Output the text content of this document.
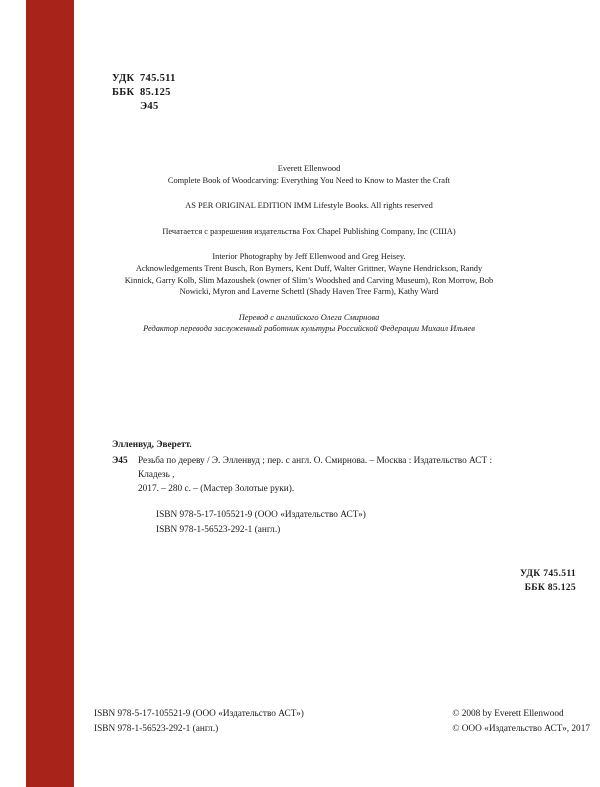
УДК 745.511
ББК 85.125
Э45
Everett Ellenwood
Complete Book of Woodcarving: Everything You Need to Know to Master the Craft
AS PER ORIGINAL EDITION IMM Lifestyle Books. All rights reserved
Печатается с разрешения издательства Fox Chapel Publishing Company, Inc (США)
Interior Photography by Jeff Ellenwood and Greg Heisey.
Acknowledgements Trent Busch, Ron Bymers, Kent Duff, Walter Grittner, Wayne Hendrickson, Randy
Kinnick, Garry Kolb, Slim Mazoushek (owner of Slim’s Woodshed and Carving Museum), Ron Morrow, Bob
Nowicki, Myron and Laverne Schettl (Shady Haven Tree Farm), Kathy Ward
Перевод с английского Олега Смирнова
Редактор перевода заслуженный работник культуры Российской Федерации Михаил Ильяев
Элленвуд, Эверетт.
Э45 Резьба по дереву / Э. Элленвуд ; пер. с англ. О. Смирнова. – Москва : Издательство АСТ : Кладезь ,
2017. – 280 с. – (Мастер Золотые руки).
ISBN 978-5-17-105521-9 (ООО «Издательство АСТ»)
ISBN 978-1-56523-292-1 (англ.)
УДК 745.511
ББК 85.125
ISBN 978-5-17-105521-9 (ООО «Издательство АСТ»)
ISBN 978-1-56523-292-1 (англ.)
© 2008 by Everett Ellenwood
© ООО «Издательство АСТ», 2017
